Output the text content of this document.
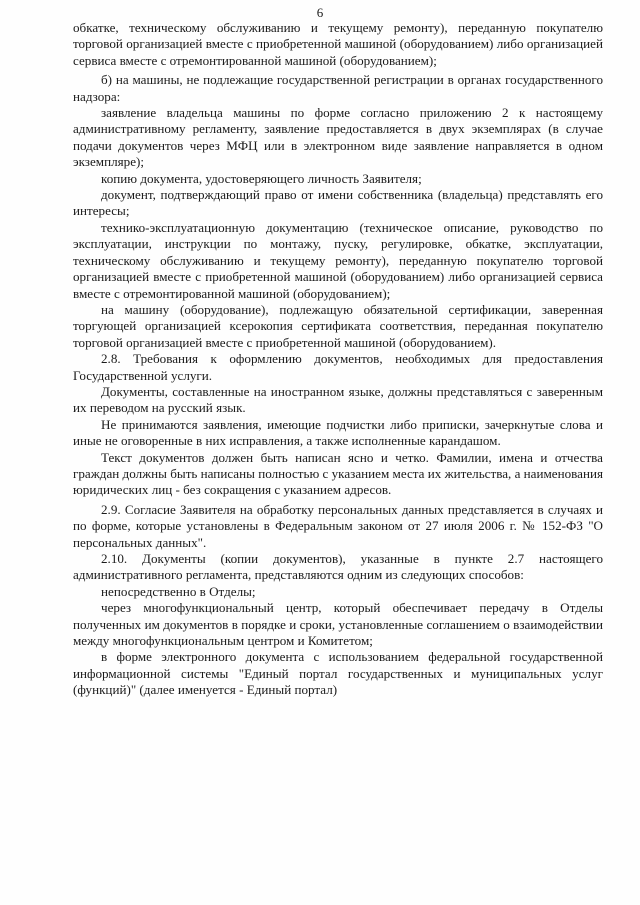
6

обкатке, техническому обслуживанию и текущему ремонту), переданную покупателю торговой организацией вместе с приобретенной машиной (оборудованием) либо организацией сервиса вместе с отремонтированной машиной (оборудованием);

б) на машины, не подлежащие государственной регистрации в органах государственного надзора:

заявление владельца машины по форме согласно приложению 2 к настоящему административному регламенту, заявление предоставляется в двух экземплярах (в случае подачи документов через МФЦ или в электронном виде заявление направляется в одном экземпляре);

копию документа, удостоверяющего личность Заявителя;

документ, подтверждающий право от имени собственника (владельца) представлять его интересы;

технико-эксплуатационную документацию (техническое описание, руководство по эксплуатации, инструкции по монтажу, пуску, регулировке, обкатке, эксплуатации, техническому обслуживанию и текущему ремонту), переданную покупателю торговой организацией вместе с приобретенной машиной (оборудованием) либо организацией сервиса вместе с отремонтированной машиной (оборудованием);

на машину (оборудование), подлежащую обязательной сертификации, заверенная торгующей организацией ксерокопия сертификата соответствия, переданная покупателю торговой организацией вместе с приобретенной машиной (оборудованием).

2.8. Требования к оформлению документов, необходимых для предоставления Государственной услуги.

Документы, составленные на иностранном языке, должны представляться с заверенным их переводом на русский язык.

Не принимаются заявления, имеющие подчистки либо приписки, зачеркнутые слова и иные не оговоренные в них исправления, а также исполненные карандашом.

Текст документов должен быть написан ясно и четко. Фамилии, имена и отчества граждан должны быть написаны полностью с указанием места их жительства, а наименования юридических лиц - без сокращения с указанием адресов.

2.9. Согласие Заявителя на обработку персональных данных представляется в случаях и по форме, которые установлены в Федеральным законом от 27 июля 2006 г. № 152-ФЗ "О персональных данных".

2.10. Документы (копии документов), указанные в пункте 2.7 настоящего административного регламента, представляются одним из следующих способов:

непосредственно в Отделы;

через многофункциональный центр, который обеспечивает передачу в Отделы полученных им документов в порядке и сроки, установленные соглашением о взаимодействии между многофункциональным центром и Комитетом;

в форме электронного документа с использованием федеральной государственной информационной системы "Единый портал государственных и муниципальных услуг (функций)" (далее именуется - Единый портал)
